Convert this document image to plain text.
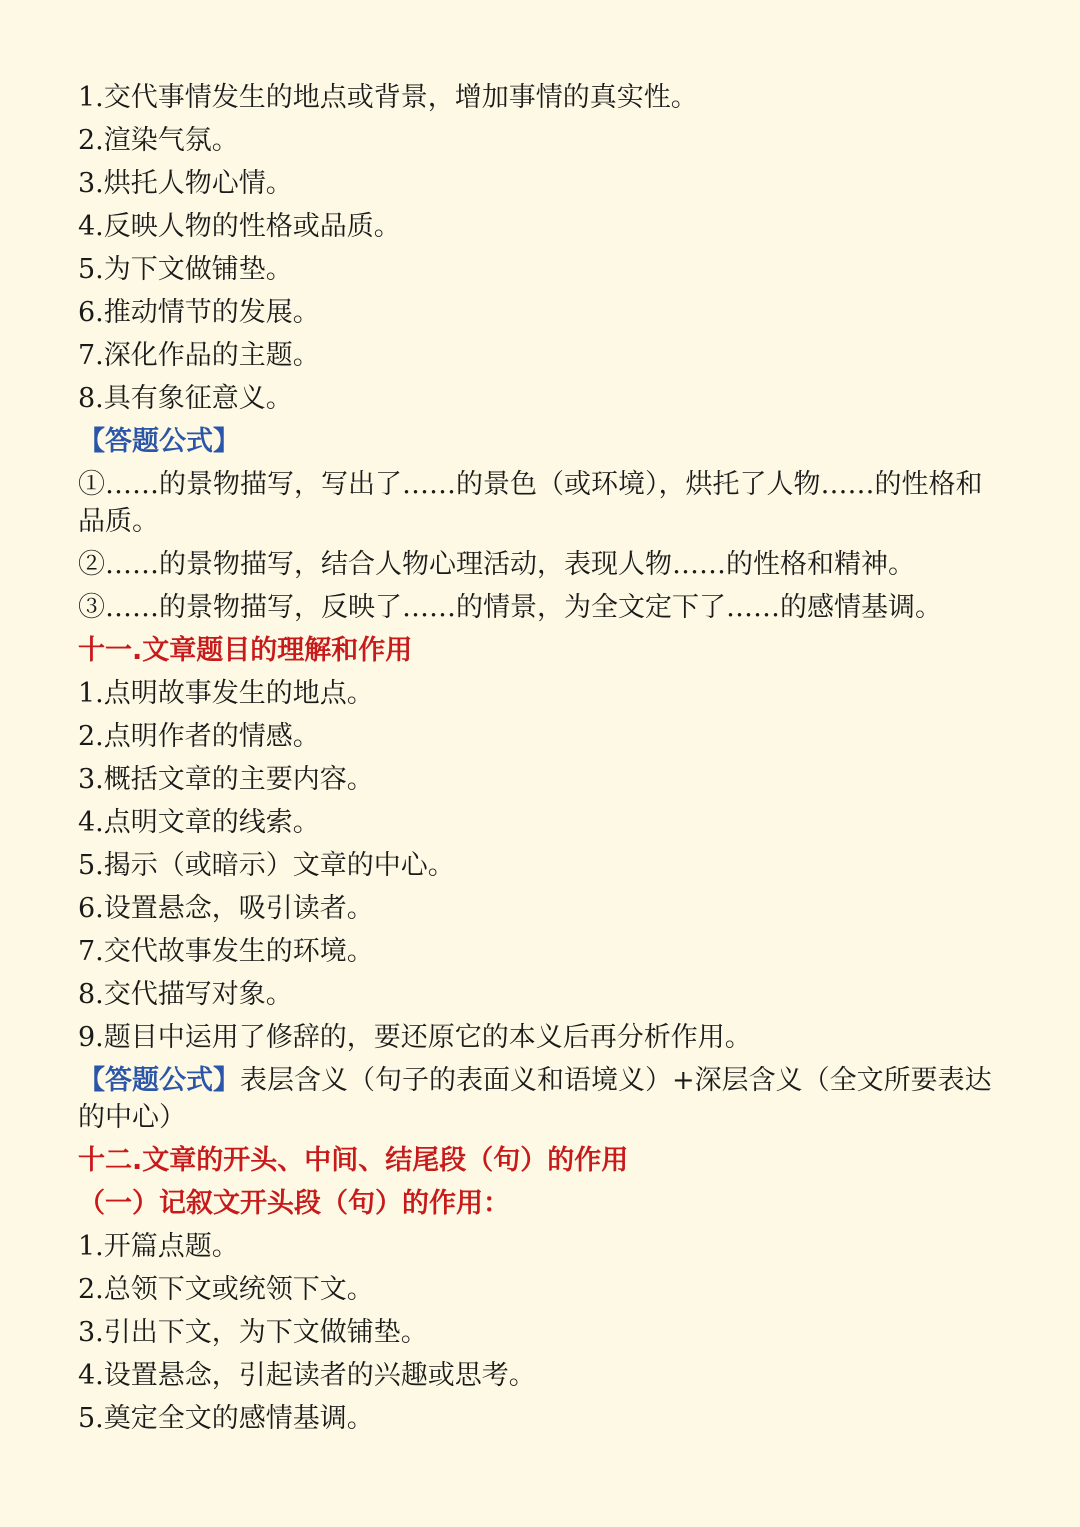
1.交代事情发生的地点或背景，增加事情的真实性。
2.渲染气氛。
3.烘托人物心情。
4.反映人物的性格或品质。
5.为下文做铺垫。
6.推动情节的发展。
7.深化作品的主题。
8.具有象征意义。
【答题公式】
①……的景物描写，写出了……的景色（或环境），烘托了人物……的性格和品质。
②……的景物描写，结合人物心理活动，表现人物……的性格和精神。
③……的景物描写，反映了……的情景，为全文定下了……的感情基调。
十一.文章题目的理解和作用
1.点明故事发生的地点。
2.点明作者的情感。
3.概括文章的主要内容。
4.点明文章的线索。
5.揭示（或暗示）文章的中心。
6.设置悬念，吸引读者。
7.交代故事发生的环境。
8.交代描写对象。
9.题目中运用了修辞的，要还原它的本义后再分析作用。
【答题公式】表层含义（句子的表面义和语境义）+深层含义（全文所要表达的中心）
十二.文章的开头、中间、结尾段（句）的作用
（一）记叙文开头段（句）的作用：
1.开篇点题。
2.总领下文或统领下文。
3.引出下文，为下文做铺垫。
4.设置悬念，引起读者的兴趣或思考。
5.奠定全文的感情基调。
